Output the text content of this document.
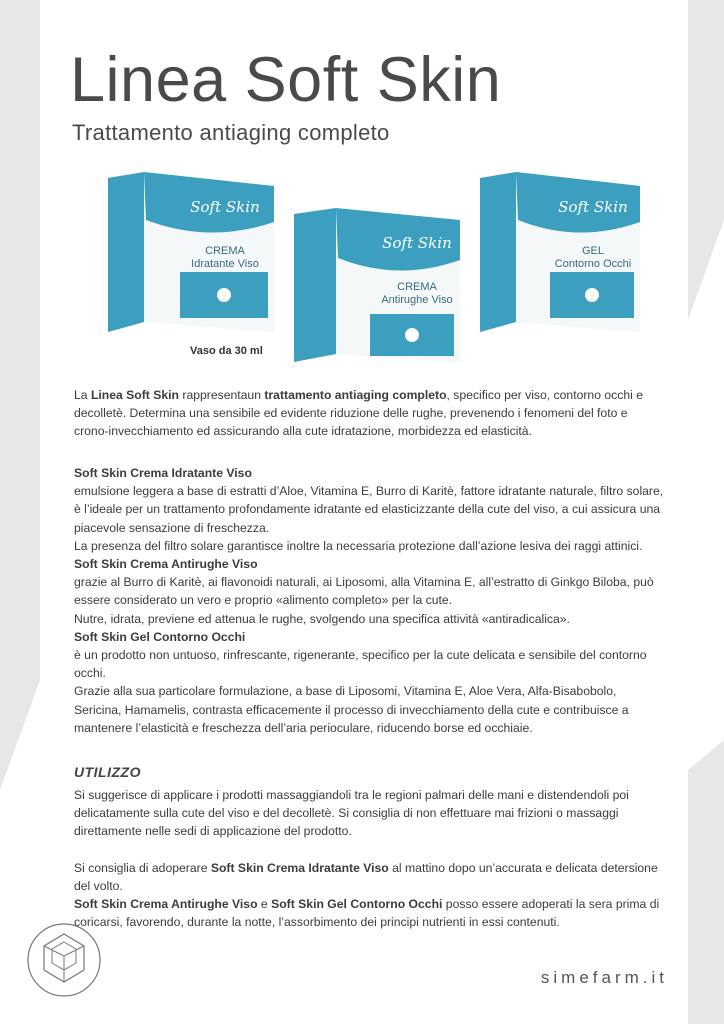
Linea Soft Skin
Trattamento antiaging completo
Soft Skin
CREMA
Idratante Viso
Soft Skin
CREMA
Antirughe Viso
Soft Skin
GEL
Contorno Occhi
Vaso da 30 ml

La Linea Soft Skin rappresentaun trattamento antiaging completo, specifico per viso, contorno occhi e decolletè. Determina una sensibile ed evidente riduzione delle rughe, prevenendo i fenomeni del foto e crono-invecchiamento ed assicurando alla cute idratazione, morbidezza ed elasticità.

Soft Skin Crema Idratante Viso

emulsione leggera a base di estratti d’Aloe, Vitamina E, Burro di Karitè, fattore idratante naturale, filtro solare, è l’ideale per un trattamento profondamente idratante ed elasticizzante della cute del viso, a cui assicura una piacevole sensazione di freschezza.

La presenza del filtro solare garantisce inoltre la necessaria protezione dall’azione lesiva dei raggi attinici.

Soft Skin Crema Antirughe Viso

grazie al Burro di Karitè, ai flavonoidi naturali, ai Liposomi, alla Vitamina E, all’estratto di Ginkgo Biloba, può essere considerato un vero e proprio «alimento completo» per la cute.

Nutre, idrata, previene ed attenua le rughe, svolgendo una specifica attività «antiradicalica».

Soft Skin Gel Contorno Occhi

è un prodotto non untuoso, rinfrescante, rigenerante, specifico per la cute delicata e sensibile del contorno occhi.

Grazie alla sua particolare formulazione, a base di Liposomi, Vitamina E, Aloe Vera, Alfa-Bisabobolo, Sericina, Hamamelis, contrasta efficacemente il processo di invecchiamento della cute e contribuisce a mantenere l’elasticità e freschezza dell’aria perioculare, riducendo borse ed occhiaie.

UTILIZZO

Si suggerisce di applicare i prodotti massaggiandoli tra le regioni palmari delle mani e distendendoli poi delicatamente sulla cute del viso e del decolletè. Si consiglia di non effettuare mai frizioni o massaggi direttamente nelle sedi di applicazione del prodotto.

Si consiglia di adoperare Soft Skin Crema Idratante Viso al mattino dopo un’accurata e delicata detersione del volto.

Soft Skin Crema Antirughe Viso e Soft Skin Gel Contorno Occhi posso essere adoperati la sera prima di coricarsi, favorendo, durante la notte, l’assorbimento dei principi nutrienti in essi contenuti.

simefarm.it
